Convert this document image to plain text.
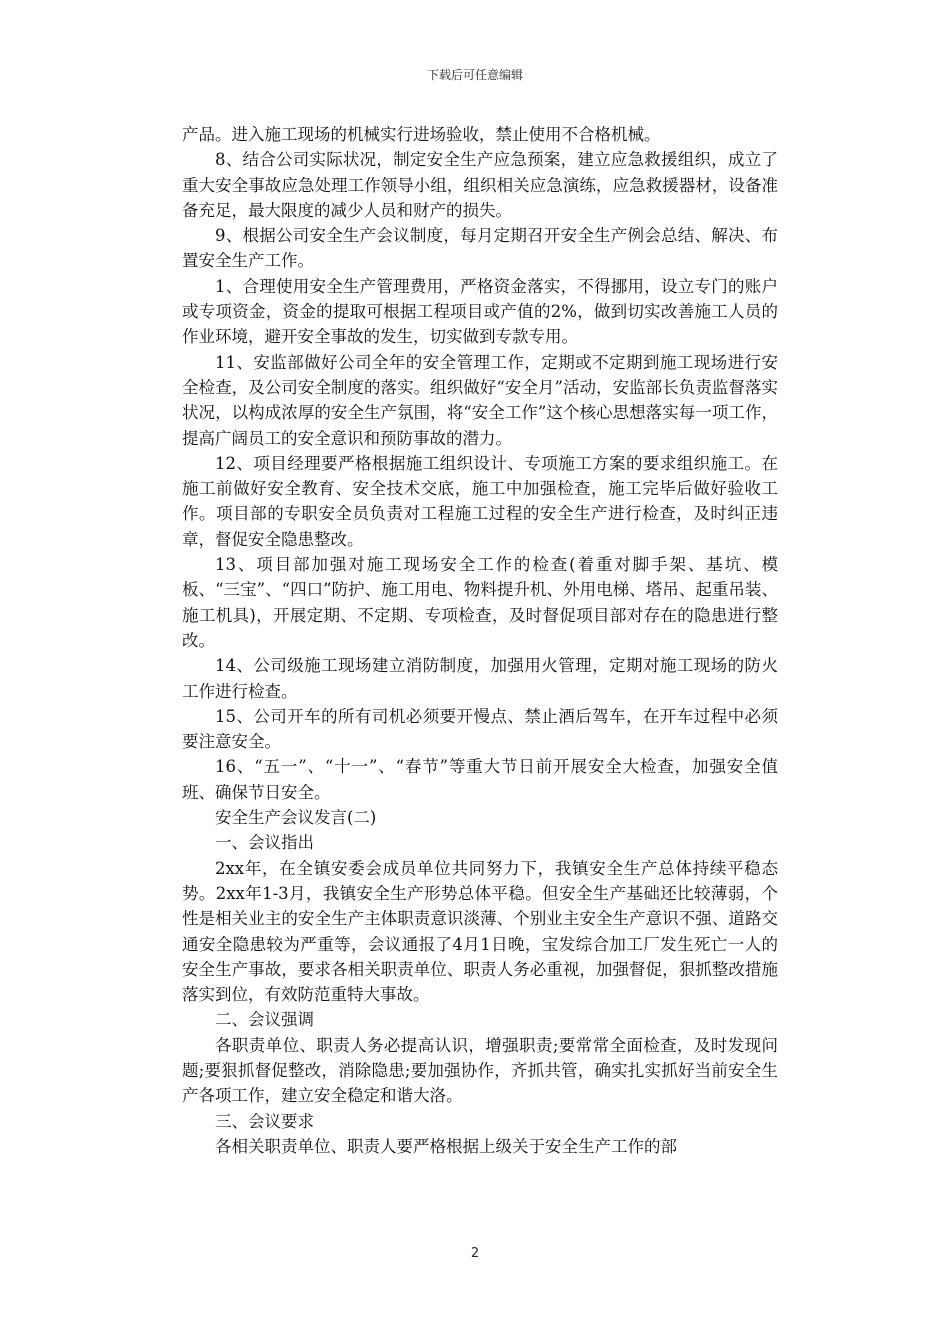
下载后可任意编辑

产品。进入施工现场的机械实行进场验收，禁止使用不合格机械。

8、结合公司实际状况，制定安全生产应急预案，建立应急救援组织，成立了重大安全事故应急处理工作领导小组，组织相关应急演练，应急救援器材，设备准备充足，最大限度的减少人员和财产的损失。

9、根据公司安全生产会议制度，每月定期召开安全生产例会总结、解决、布置安全生产工作。

1、合理使用安全生产管理费用，严格资金落实，不得挪用，设立专门的账户或专项资金，资金的提取可根据工程项目或产值的2%，做到切实改善施工人员的作业环境，避开安全事故的发生，切实做到专款专用。

11、安监部做好公司全年的安全管理工作，定期或不定期到施工现场进行安全检查，及公司安全制度的落实。组织做好“安全月”活动，安监部长负责监督落实状况，以构成浓厚的安全生产氛围，将“安全工作”这个核心思想落实每一项工作，提高广阔员工的安全意识和预防事故的潜力。

12、项目经理要严格根据施工组织设计、专项施工方案的要求组织施工。在施工前做好安全教育、安全技术交底，施工中加强检查，施工完毕后做好验收工作。项目部的专职安全员负责对工程施工过程的安全生产进行检查，及时纠正违章，督促安全隐患整改。

13、项目部加强对施工现场安全工作的检查(着重对脚手架、基坑、模板、“三宝”、“四口”防护、施工用电、物料提升机、外用电梯、塔吊、起重吊装、施工机具)，开展定期、不定期、专项检查，及时督促项目部对存在的隐患进行整改。

14、公司级施工现场建立消防制度，加强用火管理，定期对施工现场的防火工作进行检查。

15、公司开车的所有司机必须要开慢点、禁止酒后驾车，在开车过程中必须要注意安全。

16、“五一”、“十一”、“春节”等重大节日前开展安全大检查，加强安全值班、确保节日安全。

安全生产会议发言(二)

一、会议指出

2xx年，在全镇安委会成员单位共同努力下，我镇安全生产总体持续平稳态势。2xx年1-3月，我镇安全生产形势总体平稳。但安全生产基础还比较薄弱，个性是相关业主的安全生产主体职责意识淡薄、个别业主安全生产意识不强、道路交通安全隐患较为严重等，会议通报了4月1日晚，宝发综合加工厂发生死亡一人的安全生产事故，要求各相关职责单位、职责人务必重视，加强督促，狠抓整改措施落实到位，有效防范重特大事故。

二、会议强调

各职责单位、职责人务必提高认识，增强职责;要常常全面检查，及时发现问题;要狠抓督促整改，消除隐患;要加强协作，齐抓共管，确实扎实抓好当前安全生产各项工作，建立安全稳定和谐大洛。

三、会议要求

各相关职责单位、职责人要严格根据上级关于安全生产工作的部

2
